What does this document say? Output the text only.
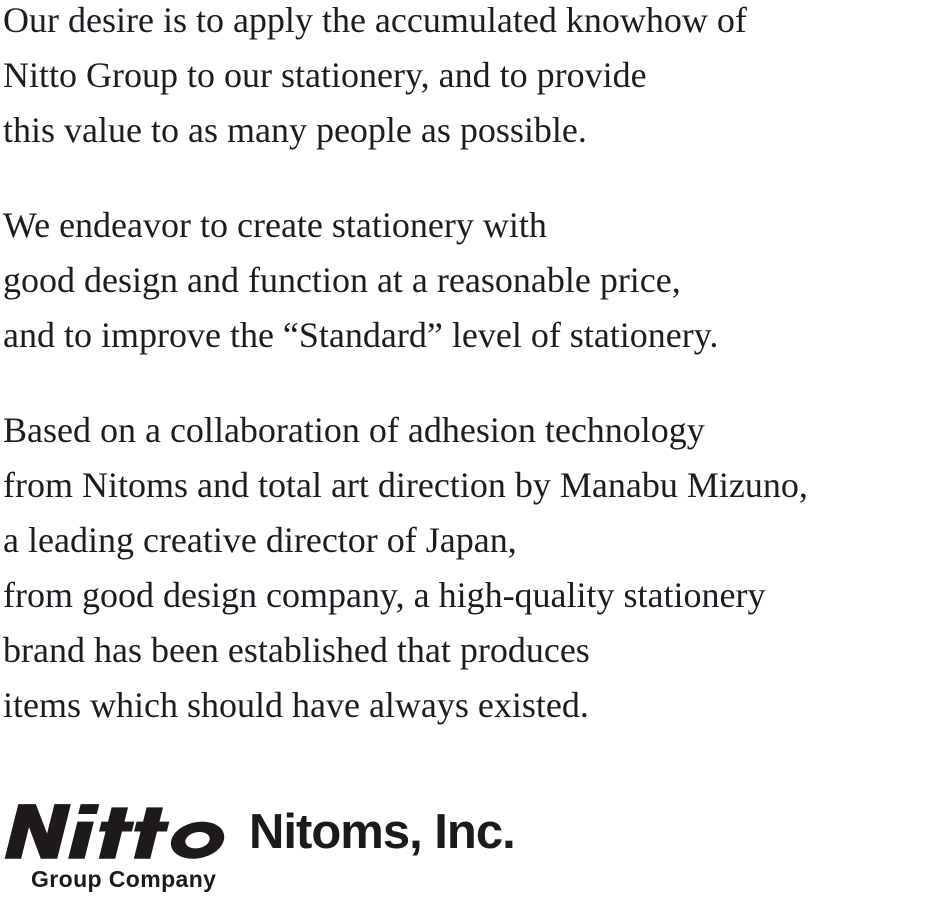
Our desire is to apply the accumulated knowhow of
Nitto Group to our stationery, and to provide
this value to as many people as possible.
We endeavor to create stationery with
good design and function at a reasonable price,
and to improve the “Standard” level of stationery.
Based on a collaboration of adhesion technology
from Nitoms and total art direction by Manabu Mizuno,
a leading creative director of Japan,
from good design company, a high-quality stationery
brand has been established that produces
items which should have always existed.
Group Company
Nitoms, Inc.
